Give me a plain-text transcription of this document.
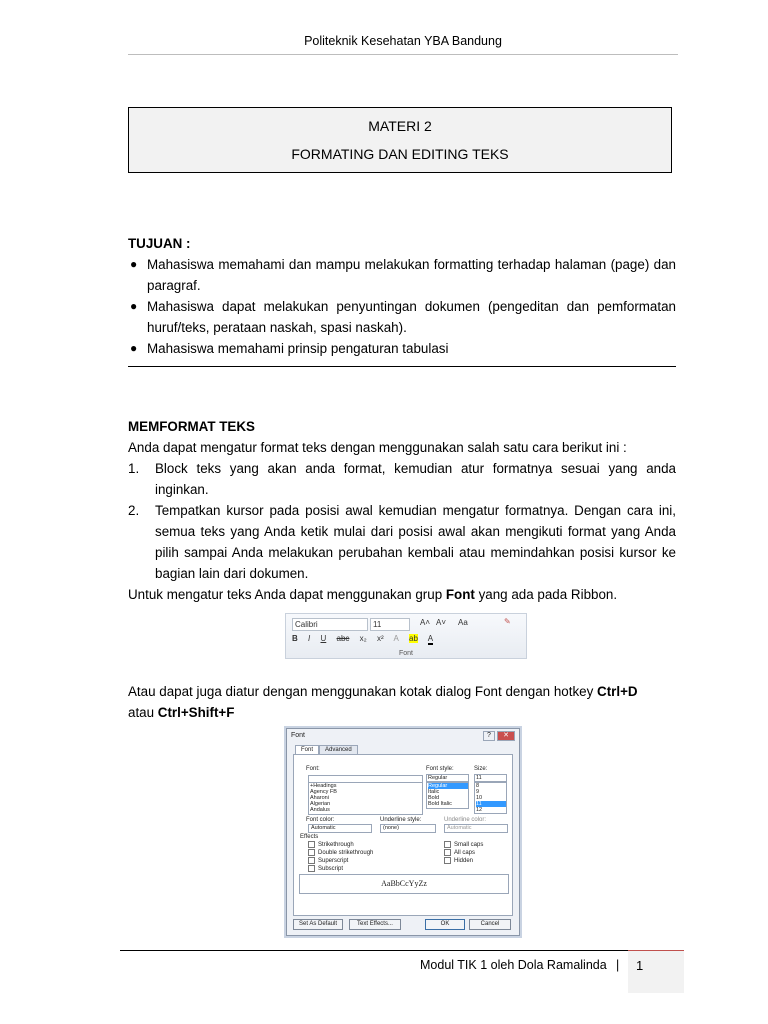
Politeknik Kesehatan YBA Bandung
MATERI 2
FORMATING DAN EDITING TEKS
TUJUAN :
● Mahasiswa memahami dan mampu melakukan formatting terhadap halaman (page) dan paragraf.
● Mahasiswa dapat melakukan penyuntingan dokumen (pengeditan dan pemformatan huruf/teks, perataan naskah, spasi naskah).
● Mahasiswa memahami prinsip pengaturan tabulasi
MEMFORMAT TEKS
Anda dapat mengatur format teks dengan menggunakan salah satu cara berikut ini :
1. Block teks yang akan anda format, kemudian atur formatnya sesuai yang anda inginkan.
2. Tempatkan kursor pada posisi awal kemudian mengatur formatnya. Dengan cara ini, semua teks yang Anda ketik mulai dari posisi awal akan mengikuti format yang Anda pilih sampai Anda melakukan perubahan kembali atau memindahkan posisi kursor ke bagian lain dari dokumen.
Untuk mengatur teks Anda dapat menggunakan grup Font yang ada pada Ribbon.
Calibri	11	A˄ A˅ Aa	✎
B I U abc x₂ x² A ab A
Font
Atau dapat juga diatur dengan menggunakan kotak dialog Font dengan hotkey Ctrl+D
atau Ctrl+Shift+F
Font	? ✕
Font Advanced
Font:
+Headings
Agency FB
Aharoni
Algerian
Andalus
Font style:
Regular
Regular
Italic
Bold
Bold Italic
Size:
11
8
9
10
11
12
Font color:
Automatic
Underline style:
(none)
Underline color:
Automatic
Effects
Strikethrough
Double strikethrough
Superscript
Subscript
Small caps
All caps
Hidden
AaBbCcYyZz
Set As Default	Text Effects...	OK	Cancel
1
Modul TIK 1 oleh Dola Ramalinda |
